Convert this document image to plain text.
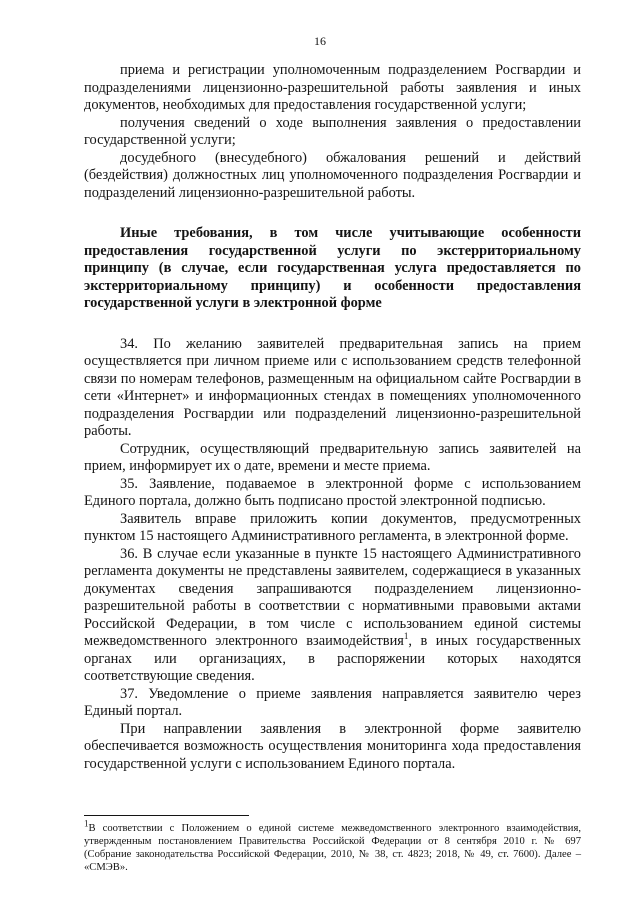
16

приема и регистрации уполномоченным подразделением Росгвардии и подразделениями лицензионно-разрешительной работы заявления и иных документов, необходимых для предоставления государственной услуги;

получения сведений о ходе выполнения заявления о предоставлении государственной услуги;

досудебного (внесудебного) обжалования решений и действий (бездействия) должностных лиц уполномоченного подразделения Росгвардии и подразделений лицензионно-разрешительной работы.

Иные требования, в том числе учитывающие особенности предоставления государственной услуги по экстерриториальному принципу (в случае, если государственная услуга предоставляется по экстерриториальному принципу) и особенности предоставления государственной услуги в электронной форме

34. По желанию заявителей предварительная запись на прием осуществляется при личном приеме или с использованием средств телефонной связи по номерам телефонов, размещенным на официальном сайте Росгвардии в сети «Интернет» и информационных стендах в помещениях уполномоченного подразделения Росгвардии или подразделений лицензионно-разрешительной работы.

Сотрудник, осуществляющий предварительную запись заявителей на прием, информирует их о дате, времени и месте приема.

35. Заявление, подаваемое в электронной форме с использованием Единого портала, должно быть подписано простой электронной подписью.

Заявитель вправе приложить копии документов, предусмотренных пунктом 15 настоящего Административного регламента, в электронной форме.

36. В случае если указанные в пункте 15 настоящего Административного регламента документы не представлены заявителем, содержащиеся в указанных документах сведения запрашиваются подразделением лицензионно-разрешительной работы в соответствии с нормативными правовыми актами Российской Федерации, в том числе с использованием единой системы межведомственного электронного взаимодействия$^1$, в иных государственных органах или организациях, в распоряжении которых находятся соответствующие сведения.

37. Уведомление о приеме заявления направляется заявителю через Единый портал.

При направлении заявления в электронной форме заявителю обеспечивается возможность осуществления мониторинга хода предоставления государственной услуги с использованием Единого портала.

$^1$В соответствии с Положением о единой системе межведомственного электронного взаимодействия, утвержденным постановлением Правительства Российской Федерации от 8 сентября 2010 г. № 697 (Собрание законодательства Российской Федерации, 2010, № 38, ст. 4823; 2018, № 49, ст. 7600). Далее – «СМЭВ».
